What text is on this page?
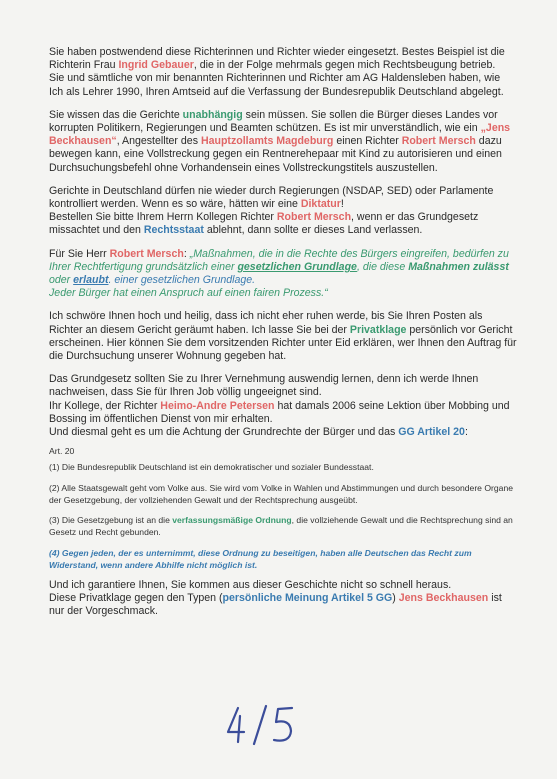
Sie haben postwendend diese Richterinnen und Richter wieder eingesetzt. Bestes Beispiel ist die Richterin Frau Ingrid Gebauer, die in der Folge mehrmals gegen mich Rechtsbeugung betrieb.
Sie und sämtliche von mir benannten Richterinnen und Richter am AG Haldensleben haben, wie Ich als Lehrer 1990, Ihren Amtseid auf die Verfassung der Bundesrepublik Deutschland abgelegt.

Sie wissen das die Gerichte unabhängig sein müssen. Sie sollen die Bürger dieses Landes vor korrupten Politikern, Regierungen und Beamten schützen. Es ist mir unverständlich, wie ein „Jens Beckhausen“, Angestellter des Hauptzollamts Magdeburg einen Richter Robert Mersch dazu bewegen kann, eine Vollstreckung gegen ein Rentnerehepaar mit Kind zu autorisieren und einen Durchsuchungsbefehl ohne Vorhandensein eines Vollstreckungstitels auszustellen.

Gerichte in Deutschland dürfen nie wieder durch Regierungen (NSDAP, SED) oder Parlamente kontrolliert werden. Wenn es so wäre, hätten wir eine Diktatur!
Bestellen Sie bitte Ihrem Herrn Kollegen Richter Robert Mersch, wenn er das Grundgesetz missachtet und den Rechtsstaat ablehnt, dann sollte er dieses Land verlassen.

Für Sie Herr Robert Mersch: „Maßnahmen, die in die Rechte des Bürgers eingreifen, bedürfen zu Ihrer Rechtfertigung grundsätzlich einer gesetzlichen Grundlage, die diese Maßnahmen zulässt oder erlaubt. einer gesetzlichen Grundlage.
Jeder Bürger hat einen Anspruch auf einen fairen Prozess.“

Ich schwöre Ihnen hoch und heilig, dass ich nicht eher ruhen werde, bis Sie Ihren Posten als Richter an diesem Gericht geräumt haben. Ich lasse Sie bei der Privatklage persönlich vor Gericht erscheinen. Hier können Sie dem vorsitzenden Richter unter Eid erklären, wer Ihnen den Auftrag für die Durchsuchung unserer Wohnung gegeben hat.

Das Grundgesetz sollten Sie zu Ihrer Vernehmung auswendig lernen, denn ich werde Ihnen nachweisen, dass Sie für Ihren Job völlig ungeeignet sind.
Ihr Kollege, der Richter Heimo-Andre Petersen hat damals 2006 seine Lektion über Mobbing und Bossing im öffentlichen Dienst von mir erhalten.
Und diesmal geht es um die Achtung der Grundrechte der Bürger und das GG Artikel 20:

Art. 20

(1) Die Bundesrepublik Deutschland ist ein demokratischer und sozialer Bundesstaat.

(2) Alle Staatsgewalt geht vom Volke aus. Sie wird vom Volke in Wahlen und Abstimmungen und durch besondere Organe der Gesetzgebung, der vollziehenden Gewalt und der Rechtsprechung ausgeübt.

(3) Die Gesetzgebung ist an die verfassungsmäßige Ordnung, die vollziehende Gewalt und die Rechtsprechung sind an Gesetz und Recht gebunden.

(4) Gegen jeden, der es unternimmt, diese Ordnung zu beseitigen, haben alle Deutschen das Recht zum Widerstand, wenn andere Abhilfe nicht möglich ist.

Und ich garantiere Ihnen, Sie kommen aus dieser Geschichte nicht so schnell heraus.
Diese Privatklage gegen den Typen (persönliche Meinung Artikel 5 GG) Jens Beckhausen ist nur der Vorgeschmack.
